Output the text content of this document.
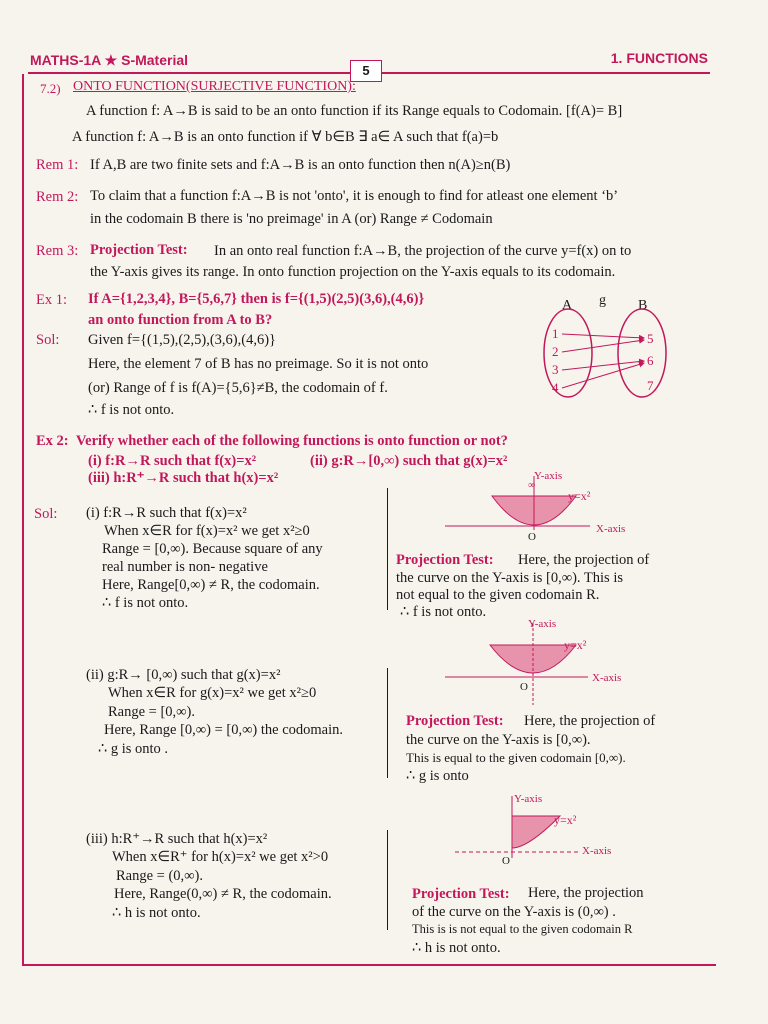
MATHS-1A ★ S-Material
5
1. FUNCTIONS
7.2) ONTO FUNCTION(SURJECTIVE FUNCTION):
A function f: A→B is said to be an onto function if its Range equals to Codomain. [f(A)= B]
A function f: A→B is an onto function if ∀ b∈B ∃ a∈ A such that f(a)=b
Rem 1: If A,B are two finite sets and f:A→B is an onto function then n(A)≥n(B)
Rem 2: To claim that a function f:A→B is not 'onto', it is enough to find for atleast one element ‘b’
in the codomain B there is 'no preimage' in A (or) Range ≠ Codomain
Rem 3: Projection Test: In an onto real function f:A→B, the projection of the curve y=f(x) on to
the Y-axis gives its range. In onto function projection on the Y-axis equals to its codomain.
Ex 1: If A={1,2,3,4}, B={5,6,7} then is f={(1,5)(2,5)(3,6),(4,6)}
an onto function from A to B?
Sol: Given f={(1,5),(2,5),(3,6),(4,6)}
Here, the element 7 of B has no preimage. So it is not onto
(or) Range of f is f(A)={5,6}≠B, the codomain of f.
∴ f is not onto.
A g B
1
2
3
4
5
6
7
Ex 2: Verify whether each of the following functions is onto function or not?
(i) f:R→R such that f(x)=x²	(ii) g:R→[0,∞) such that g(x)=x²
(iii) h:R⁺→R such that h(x)=x²
Sol: (i) f:R→R such that f(x)=x²
When x∈R for f(x)=x² we get x²≥0
Range = [0,∞). Because square of any
real number is non- negative
Here, Range[0,∞) ≠ R, the codomain.
∴ f is not onto.
Projection Test: Here, the projection of
the curve on the Y-axis is [0,∞). This is
not equal to the given codomain R.
∴ f is not onto.
Y-axis
∞
y=x²
X-axis
O
(ii) g:R→ [0,∞) such that g(x)=x²
When x∈R for g(x)=x² we get x²≥0
Range = [0,∞).
Here, Range [0,∞) = [0,∞) the codomain.
∴ g is onto .
Projection Test: Here, the projection of
the curve on the Y-axis is [0,∞).
This is equal to the given codomain [0,∞).
∴ g is onto
Y-axis
y=x²
X-axis
O
(iii) h:R⁺→R such that h(x)=x²
When x∈R⁺ for h(x)=x² we get x²>0
Range = (0,∞).
Here, Range(0,∞) ≠ R, the codomain.
∴ h is not onto.
Projection Test: Here, the projection
of the curve on the Y-axis is (0,∞) .
This is is not equal to the given codomain R
∴ h is not onto.
Y-axis
y=x²
X-axis
O
